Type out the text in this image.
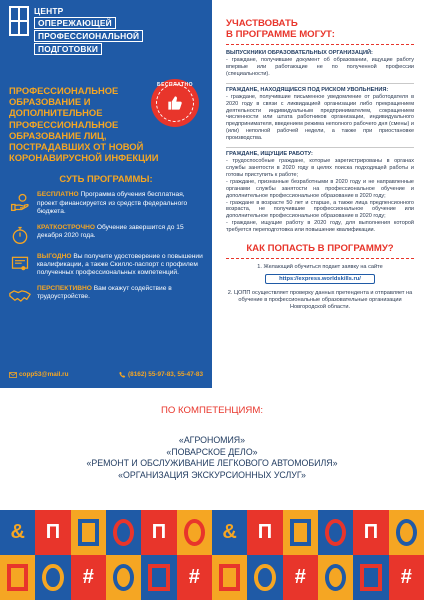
ЦЕНТР
ОПЕРЕЖАЮЩЕЙ
ПРОФЕССИОНАЛЬНОЙ
ПОДГОТОВКИ

ПРОФЕССИОНАЛЬНОЕ

ОБРАЗОВАНИЕ И

ДОПОЛНИТЕЛЬНОЕ

ПРОФЕССИОНАЛЬНОЕ

ОБРАЗОВАНИЕ ЛИЦ,

ПОСТРАДАВШИХ ОТ НОВОЙ

КОРОНАВИРУСНОЙ ИНФЕКЦИИ

БЕСПЛАТНО
СУТЬ ПРОГРАММЫ:
БЕСПЛАТНО Программа обучения бесплатная, проект финансируется из средств федерального бюджета.
КРАТКОСТРОЧНО Обучение завершится до 15 декабря 2020 года.
ВЫГОДНО Вы получите удостоверение о повышении квалификации, а также Скиллс-паспорт с профилем полученных профессиональных компетенций.
ПЕРСПЕКТИВНО Вам окажут содействие в трудоустройстве.
copp53@mail.ru	(8162) 55-97-83, 55-47-83
УЧАСТВОВАТЬ
В ПРОГРАММЕ МОГУТ:
ВЫПУСКНИКИ ОБРАЗОВАТЕЛЬНЫХ ОРГАНИЗАЦИЙ:

- граждане, получившие документ об образовании, ищущие работу впервые или работающие не по полученной профессии (специальности).

ГРАЖДАНЕ, НАХОДЯЩИЕСЯ ПОД РИСКОМ УВОЛЬНЕНИЯ:

- граждане, получившие письменное уведомление от работодателя в 2020 году в связи с ликвидацией организации либо прекращением деятельности индивидуальным предпринимателем, сокращением численности или штата работников организации, индивидуального предпринимателя, введением режима неполного рабочего дня (смены) и (или) неполной рабочей недели, а также при приостановке производства.

ГРАЖДАНЕ, ИЩУЩИЕ РАБОТУ:

- трудоспособные граждане, которые зарегистрированы в органах службы занятости в 2020 году в целях поиска подходящей работы и готовы приступить к работе;

- граждане, признанные безработными в 2020 году и не направленные органами службы занятости на профессиональное обучение и дополнительное профессиональное образование в 2020 году;

- граждане в возрасте 50 лет и старше, а также лица предпенсионного возраста, не получившие профессиональное обучение или дополнительное профессиональное образование в 2020 году;

- граждане, ищущие работу в 2020 году, для выполнения которой требуется переподготовка или повышение квалификации.

КАК ПОПАСТЬ В ПРОГРАММУ?
1. Желающий обучиться подает заявку на сайте
https://express.worldskills.ru/
2. ЦОПП осуществляет проверку данных претендента и отправляет на обучение в профессиональные образовательные организации Новгородской области.
ПО КОМПЕТЕНЦИЯМ:
«АГРОНОМИЯ»
«ПОВАРСКОЕ ДЕЛО»
«РЕМОНТ И ОБСЛУЖИВАНИЕ ЛЕГКОВОГО АВТОМОБИЛЯ»
«ОРГАНИЗАЦИЯ ЭКСКУРСИОННЫХ УСЛУГ»
&	П	П	&	П	П
#	#	#	#
